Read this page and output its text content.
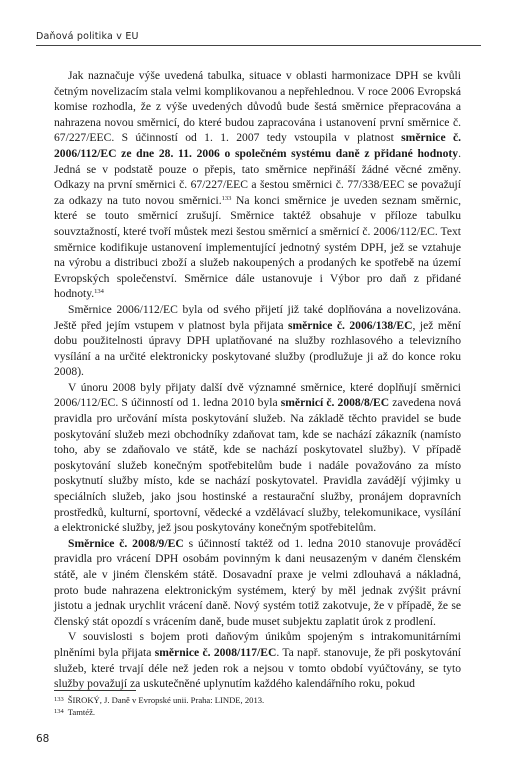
Daňová politika v EU

Jak naznačuje výše uvedená tabulka, situace v oblasti harmonizace DPH se kvůli četným novelizacím stala velmi komplikovanou a nepřehlednou. V roce 2006 Evropská komise rozhodla, že z výše uvedených důvodů bude šestá směrnice přepracována a nahrazena novou směrnicí, do které budou zapracována i ustanovení první směrnice č. 67/227/EEC. S účinností od 1. 1. 2007 tedy vstoupila v platnost směrnice č. 2006/112/EC ze dne 28. 11. 2006 o společném systému daně z přidané hodnoty. Jedná se v podstatě pouze o přepis, tato směrnice nepřináší žádné věcné změny. Odkazy na první směrnici č. 67/227/EEC a šestou směrnici č. 77/338/EEC se považují za odkazy na tuto novou směrnici.$^{133}$ Na konci směrnice je uveden seznam směrnic, které se touto směrnicí zrušují. Směrnice taktéž obsahuje v příloze tabulku souvztažností, které tvoří můstek mezi šestou směrnicí a směrnicí č. 2006/112/EC. Text směrnice kodifikuje ustanovení implementující jednotný systém DPH, jež se vztahuje na výrobu a distribuci zboží a služeb nakoupených a prodaných ke spotřebě na území Evropských společenství. Směrnice dále ustanovuje i Výbor pro daň z přidané hodnoty.$^{134}$

Směrnice 2006/112/EC byla od svého přijetí již také doplňována a novelizována. Ještě před jejím vstupem v platnost byla přijata směrnice č. 2006/138/EC, jež mění dobu použitelnosti úpravy DPH uplatňované na služby rozhlasového a televizního vysílání a na určité elektronicky poskytované služby (prodlužuje ji až do konce roku 2008).

V únoru 2008 byly přijaty další dvě významné směrnice, které doplňují směrnici 2006/112/EC. S účinností od 1. ledna 2010 byla směrnicí č. 2008/8/EC zavedena nová pravidla pro určování místa poskytování služeb. Na základě těchto pravidel se bude poskytování služeb mezi obchodníky zdaňovat tam, kde se nachází zákazník (namísto toho, aby se zdaňovalo ve státě, kde se nachází poskytovatel služby). V případě poskytování služeb konečným spotřebitelům bude i nadále považováno za místo poskytnutí služby místo, kde se nachází poskytovatel. Pravidla zavádějí výjimky u speciálních služeb, jako jsou hostinské a restaurační služby, pronájem dopravních prostředků, kulturní, sportovní, vědecké a vzdělávací služby, telekomunikace, vysílání a elektronické služby, jež jsou poskytovány konečným spotřebitelům.

Směrnice č. 2008/9/EC s účinností taktéž od 1. ledna 2010 stanovuje prováděcí pravidla pro vrácení DPH osobám povinným k dani neusazeným v daném členském státě, ale v jiném členském státě. Dosavadní praxe je velmi zdlouhavá a nákladná, proto bude nahrazena elektronickým systémem, který by měl jednak zvýšit právní jistotu a jednak urychlit vrácení daně. Nový systém totiž zakotvuje, že v případě, že se členský stát opozdí s vrácením daně, bude muset subjektu zaplatit úrok z prodlení.

V souvislosti s bojem proti daňovým únikům spojeným s intrakomunitárními plněními byla přijata směrnice č. 2008/117/EC. Ta např. stanovuje, že při poskytování služeb, které trvají déle než jeden rok a nejsou v tomto období vyúčtovány, se tyto služby považují za uskutečněné uplynutím každého kalendářního roku, pokud

$^{133}$ ŠIROKÝ, J. Daně v Evropské unii. Praha: LINDE, 2013.
$^{134}$ Tamtéž.
68
